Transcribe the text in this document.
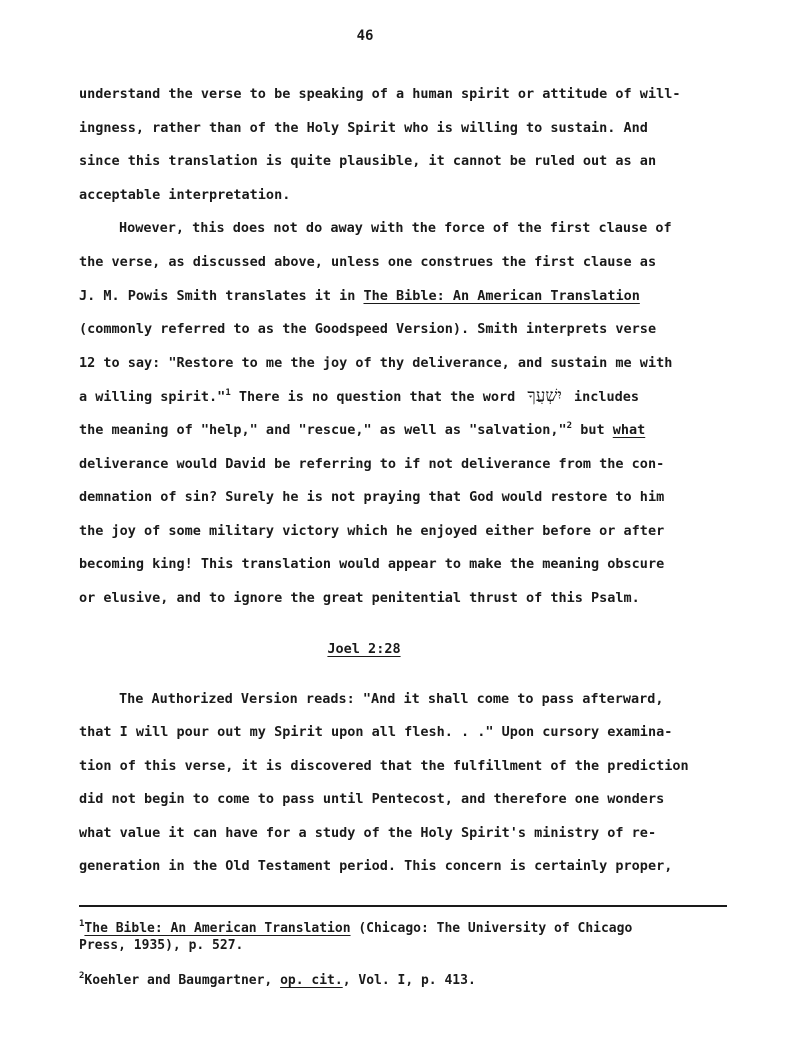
46
understand the verse to be speaking of a human spirit or attitude of will-
ingness, rather than of the Holy Spirit who is willing to sustain. And
since this translation is quite plausible, it cannot be ruled out as an
acceptable interpretation.
However, this does not do away with the force of the first clause of
the verse, as discussed above, unless one construes the first clause as
J. M. Powis Smith translates it in The Bible: An American Translation
(commonly referred to as the Goodspeed Version). Smith interprets verse
12 to say: "Restore to me the joy of thy deliverance, and sustain me with
a willing spirit."$^1$ There is no question that the word יִשְׁעֲךָ includes
the meaning of "help," and "rescue," as well as "salvation,"$^2$ but what
deliverance would David be referring to if not deliverance from the con-
demnation of sin? Surely he is not praying that God would restore to him
the joy of some military victory which he enjoyed either before or after
becoming king! This translation would appear to make the meaning obscure
or elusive, and to ignore the great penitential thrust of this Psalm.
Joel 2:28
The Authorized Version reads: "And it shall come to pass afterward,
that I will pour out my Spirit upon all flesh. . ." Upon cursory examina-
tion of this verse, it is discovered that the fulfillment of the prediction
did not begin to come to pass until Pentecost, and therefore one wonders
what value it can have for a study of the Holy Spirit's ministry of re-
generation in the Old Testament period. This concern is certainly proper,
$^1$The Bible: An American Translation (Chicago: The University of Chicago
Press, 1935), p. 527.
$^2$Koehler and Baumgartner, op. cit., Vol. I, p. 413.
